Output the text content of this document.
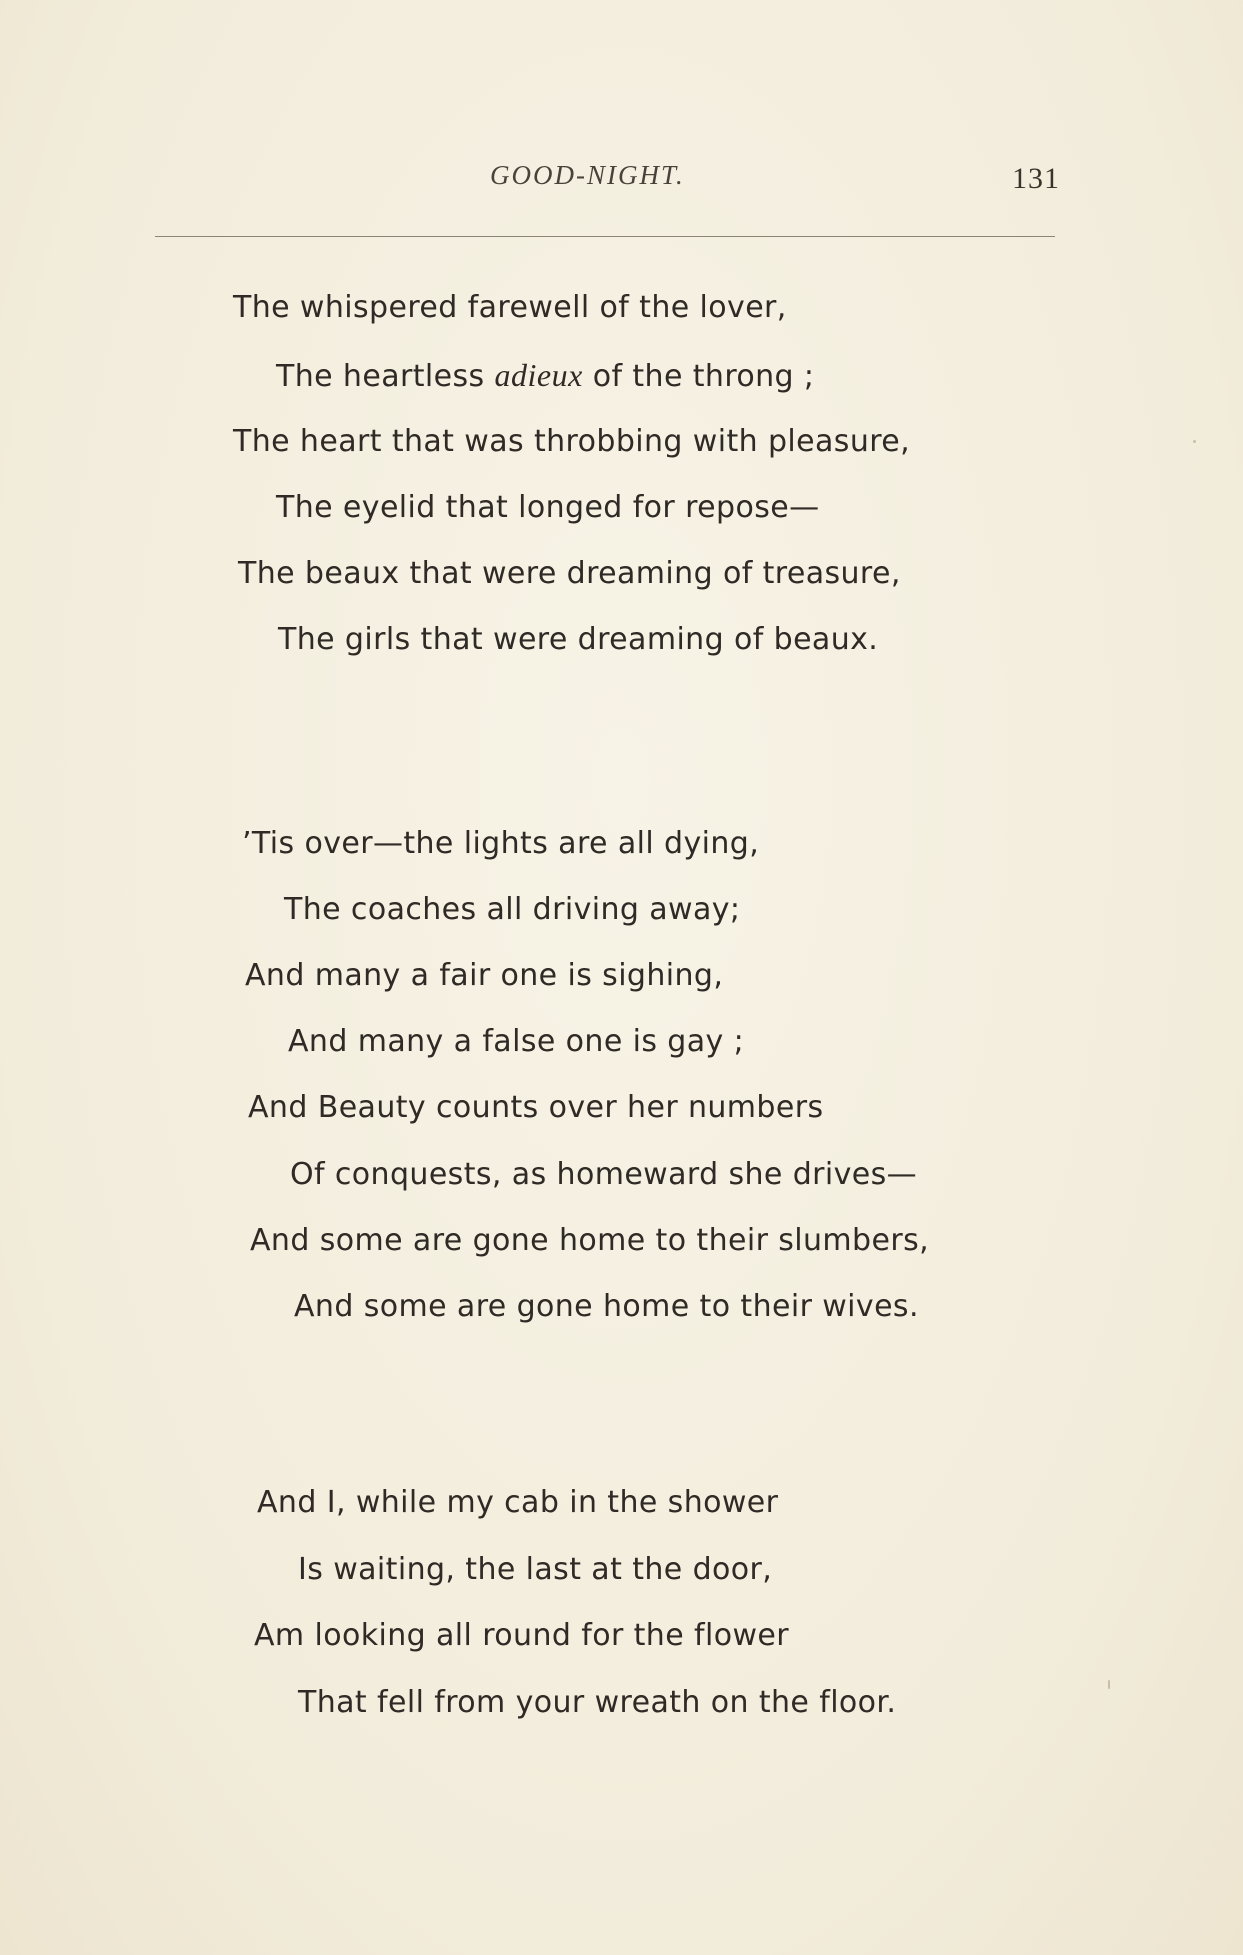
GOOD-NIGHT.	131
The whispered farewell of the lover,
The heartless adieux of the throng ;
The heart that was throbbing with pleasure,
The eyelid that longed for repose—
The beaux that were dreaming of treasure,
The girls that were dreaming of beaux.
’Tis over—the lights are all dying,
The coaches all driving away;
And many a fair one is sighing,
And many a false one is gay ;
And Beauty counts over her numbers
Of conquests, as homeward she drives—
And some are gone home to their slumbers,
And some are gone home to their wives.
And I, while my cab in the shower
Is waiting, the last at the door,
Am looking all round for the flower
That fell from your wreath on the floor.
